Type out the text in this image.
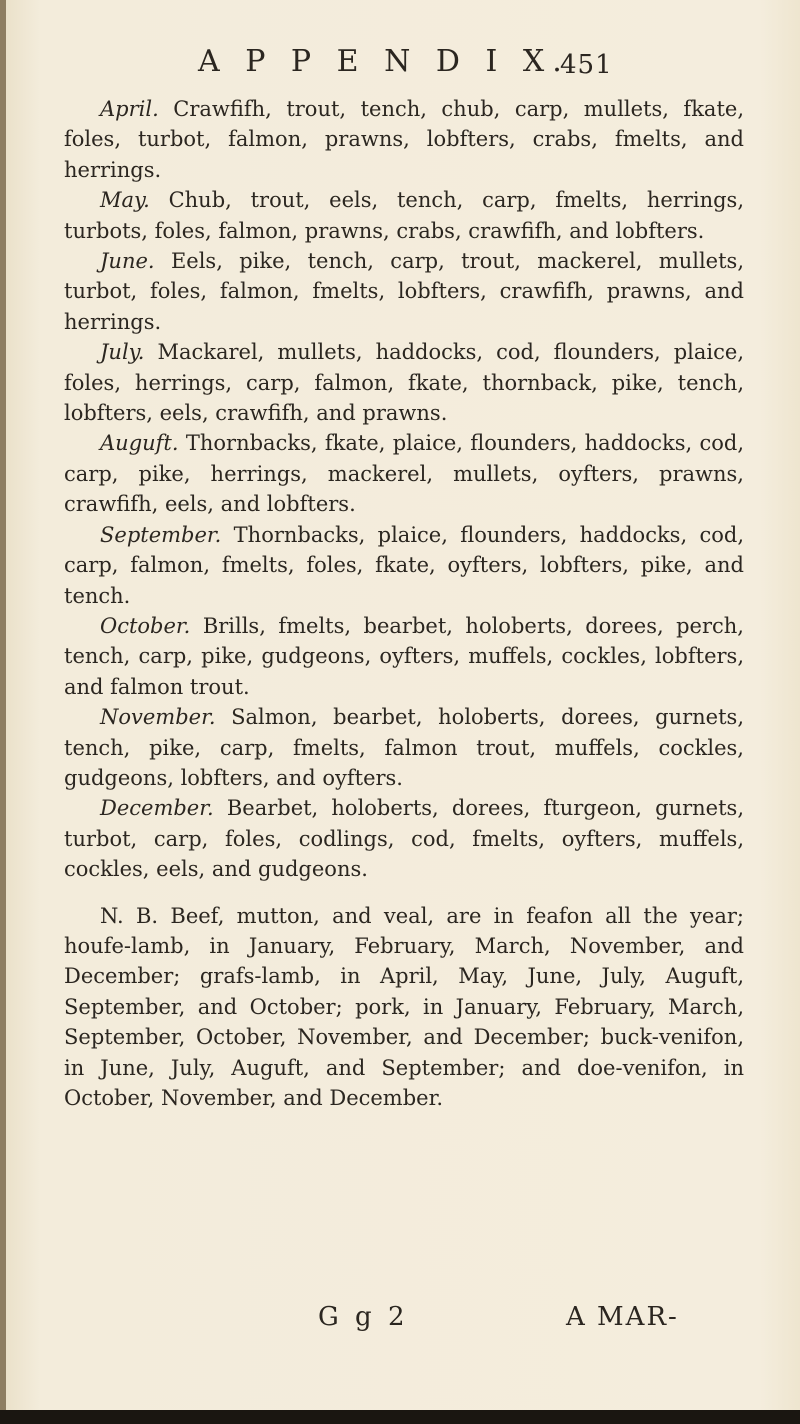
A P P E N D I X.
451

April. Crawfifh, trout, tench, chub, carp, mullets, fkate, foles, turbot, falmon, prawns, lobfters, crabs, fmelts, and herrings.

May. Chub, trout, eels, tench, carp, fmelts, herrings, turbots, foles, falmon, prawns, crabs, crawfifh, and lobfters.

June. Eels, pike, tench, carp, trout, mackerel, mullets, turbot, foles, falmon, fmelts, lobfters, crawfifh, prawns, and herrings.

July. Mackarel, mullets, haddocks, cod, flounders, plaice, foles, herrings, carp, falmon, fkate, thornback, pike, tench, lobfters, eels, crawfifh, and prawns.

Auguft. Thornbacks, fkate, plaice, flounders, haddocks, cod, carp, pike, herrings, mackerel, mullets, oyfters, prawns, crawfifh, eels, and lobfters.

September. Thornbacks, plaice, flounders, haddocks, cod, carp, falmon, fmelts, foles, fkate, oyfters, lobfters, pike, and tench.

October. Brills, fmelts, bearbet, holoberts, dorees, perch, tench, carp, pike, gudgeons, oyfters, muffels, cockles, lobfters, and falmon trout.

November. Salmon, bearbet, holoberts, dorees, gurnets, tench, pike, carp, fmelts, falmon trout, muffels, cockles, gudgeons, lobfters, and oyfters.

December. Bearbet, holoberts, dorees, fturgeon, gurnets, turbot, carp, foles, codlings, cod, fmelts, oyfters, muffels, cockles, eels, and gudgeons.

N. B. Beef, mutton, and veal, are in feafon all the year; houfe-lamb, in January, February, March, November, and December; grafs-lamb, in April, May, June, July, Auguft, September, and October; pork, in January, February, March, September, October, November, and December; buck-venifon, in June, July, Auguft, and September; and doe-venifon, in October, November, and December.

G g 2	A MAR-
